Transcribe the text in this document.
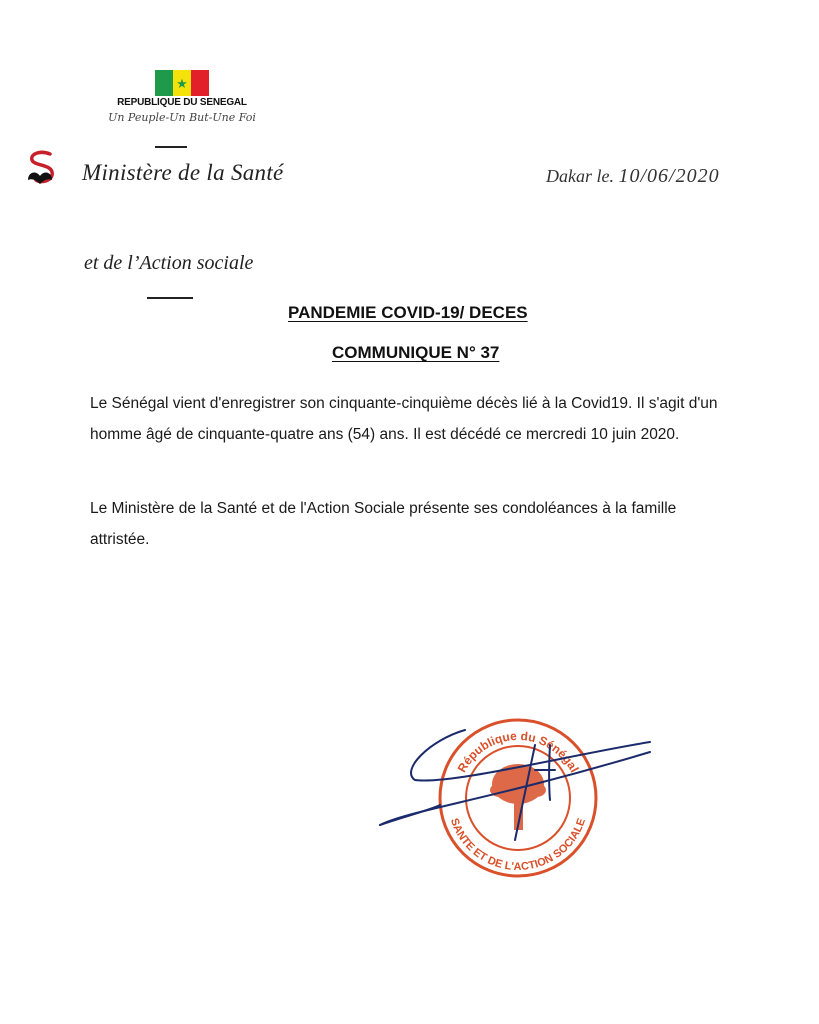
★
REPUBLIQUE DU SENEGAL
Un Peuple-Un But-Une Foi
Ministère de la Santé	Dakar le. 10/06/2020
et de l’Action sociale
PANDEMIE COVID-19/ DECES
COMMUNIQUE N° 37
Le Sénégal vient d'enregistrer son cinquante-cinquième décès lié à la Covid19. Il s'agit d'un homme âgé de cinquante-quatre ans (54) ans. Il est décédé ce mercredi 10 juin 2020.
Le Ministère de la Santé et de l'Action Sociale présente ses condoléances à la famille attristée.
République du Sénégal
SANTE ET DE L'ACTION SOCIALE
